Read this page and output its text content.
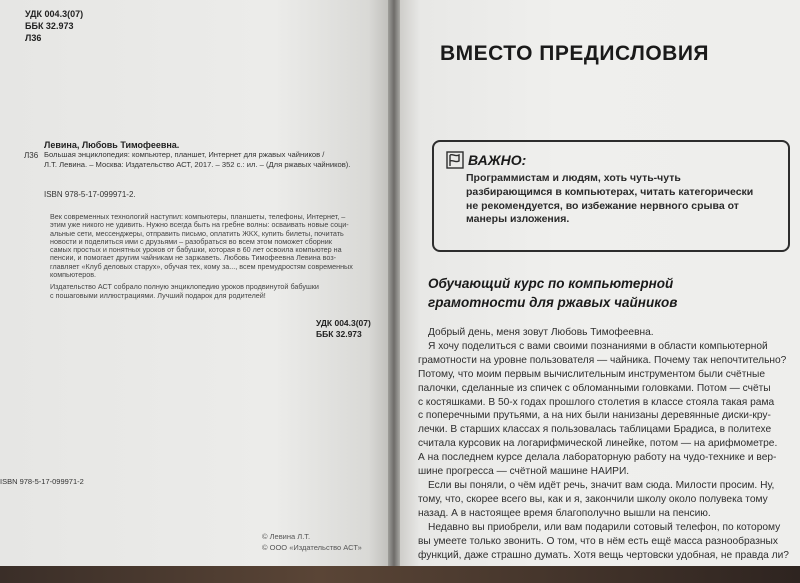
УДК 004.3(07)
ББК 32.973
Л36
Левина, Любовь Тимофеевна.
Л36 Большая энциклопедия: компьютер, планшет, Интернет для ржавых чайников /
Л.Т. Левина. – Москва: Издательство АСТ, 2017. – 352 с.: ил. – (Для ржавых чайников).
ISBN 978-5-17-099971-2.
Век современных технологий наступил: компьютеры, планшеты, телефоны, Интернет, –
этим уже никого не удивить. Нужно всегда быть на гребне волны: осваивать новые соци-
альные сети, мессенджеры, отправить письмо, оплатить ЖКХ, купить билеты, почитать
новости и поделиться ими с друзьями – разобраться во всем этом поможет сборник
самых простых и понятных уроков от бабушки, которая в 60 лет освоила компьютер на
пенсии, и помогает другим чайникам не заржаветь. Любовь Тимофеевна Левина воз-
главляет «Клуб деловых старух», обучая тех, кому за..., всем премудростям современных
компьютеров.
Издательство АСТ собрало полную энциклопедию уроков продвинутой бабушки
с пошаговыми иллюстрациями. Лучший подарок для родителей!
УДК 004.3(07)
ББК 32.973
ISBN 978-5-17-099971-2
© Левина Л.Т.
© ООО «Издательство АСТ»
ВМЕСТО ПРЕДИСЛОВИЯ
ВАЖНО:
Программистам и людям, хоть чуть-чуть
разбирающимся в компьютерах, читать категорически
не рекомендуется, во избежание нервного срыва от
манеры изложения.
Обучающий курс по компьютерной
грамотности для ржавых чайников
Добрый день, меня зовут Любовь Тимофеевна.
Я хочу поделиться с вами своими познаниями в области компьютерной
грамотности на уровне пользователя — чайника. Почему так непочтительно?
Потому, что моим первым вычислительным инструментом были счётные
палочки, сделанные из спичек с обломанными головками. Потом — счёты
с костяшками. В 50-х годах прошлого столетия в классе стояла такая рама
с поперечными прутьями, а на них были нанизаны деревянные диски-кру-
лечки. В старших классах я пользовалась таблицами Брадиса, в политехе
считала курсовик на логарифмической линейке, потом — на арифмометре.
А на последнем курсе делала лабораторную работу на чудо-технике и вер-
шине прогресса — счётной машине НАИРИ.
Если вы поняли, о чём идёт речь, значит вам сюда. Милости просим. Ну,
тому, что, скорее всего вы, как и я, закончили школу около полувека тому
назад. А в настоящее время благополучно вышли на пенсию.
Недавно вы приобрели, или вам подарили сотовый телефон, по которому
вы умеете только звонить. О том, что в нём есть ещё масса разнообразных
функций, даже страшно думать. Хотя вещь чертовски удобная, не правда ли?
